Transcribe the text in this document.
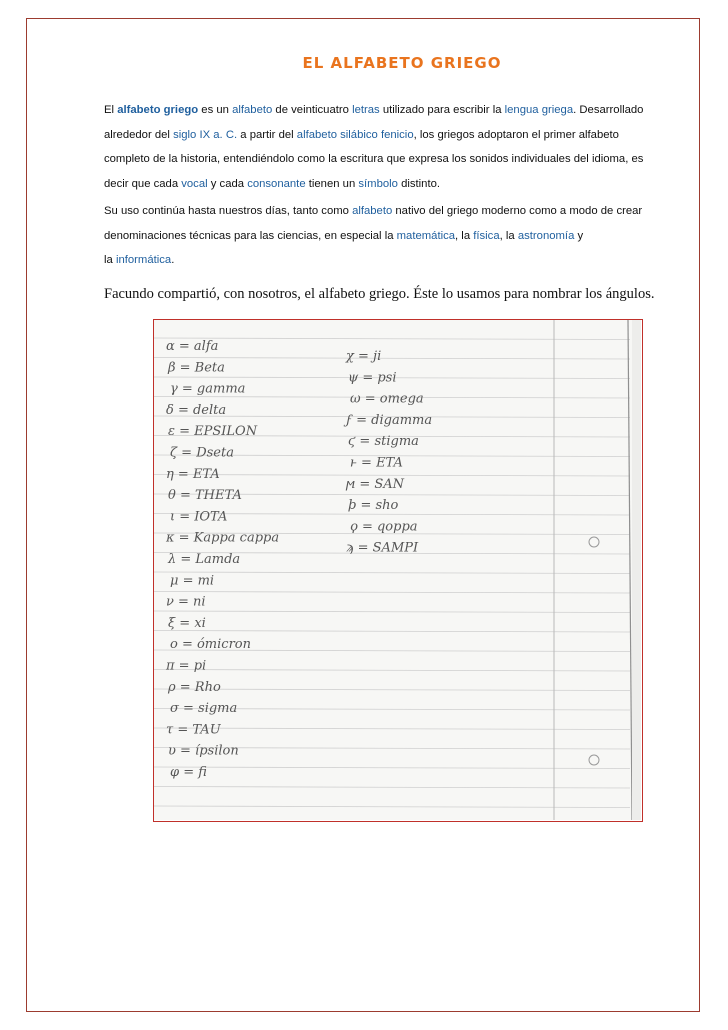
EL ALFABETO GRIEGO
El alfabeto griego es un alfabeto de veinticuatro letras utilizado para escribir la lengua griega. Desarrollado
alrededor del siglo IX a. C. a partir del alfabeto silábico fenicio, los griegos adoptaron el primer alfabeto
completo de la historia, entendiéndolo como la escritura que expresa los sonidos individuales del idioma, es
decir que cada vocal y cada consonante tienen un símbolo distinto.
Su uso continúa hasta nuestros días, tanto como alfabeto nativo del griego moderno como a modo de crear
denominaciones técnicas para las ciencias, en especial la matemática, la física, la astronomía y
la informática.
Facundo compartió, con nosotros, el alfabeto griego. Éste lo usamos para nombrar los ángulos.
α = alfa
β = Beta
γ = gamma
δ = delta
ε = EPSILON
ζ = Dseta
η = ETA
θ = THETA
ι = IOTA
κ = Kappa cappa
λ = Lamda
μ = mi
ν = ni
ξ = xi
ο = ómicron
π = pi
ρ = Rho
σ = sigma
τ = TAU
υ = ípsilon
φ = fi
χ = ji
ψ = psi
ω = omega
ϝ = digamma
ϛ = stigma
ͱ = ETA
ϻ = SAN
ϸ = sho
ϙ = qoppa
ϡ = SAMPI
